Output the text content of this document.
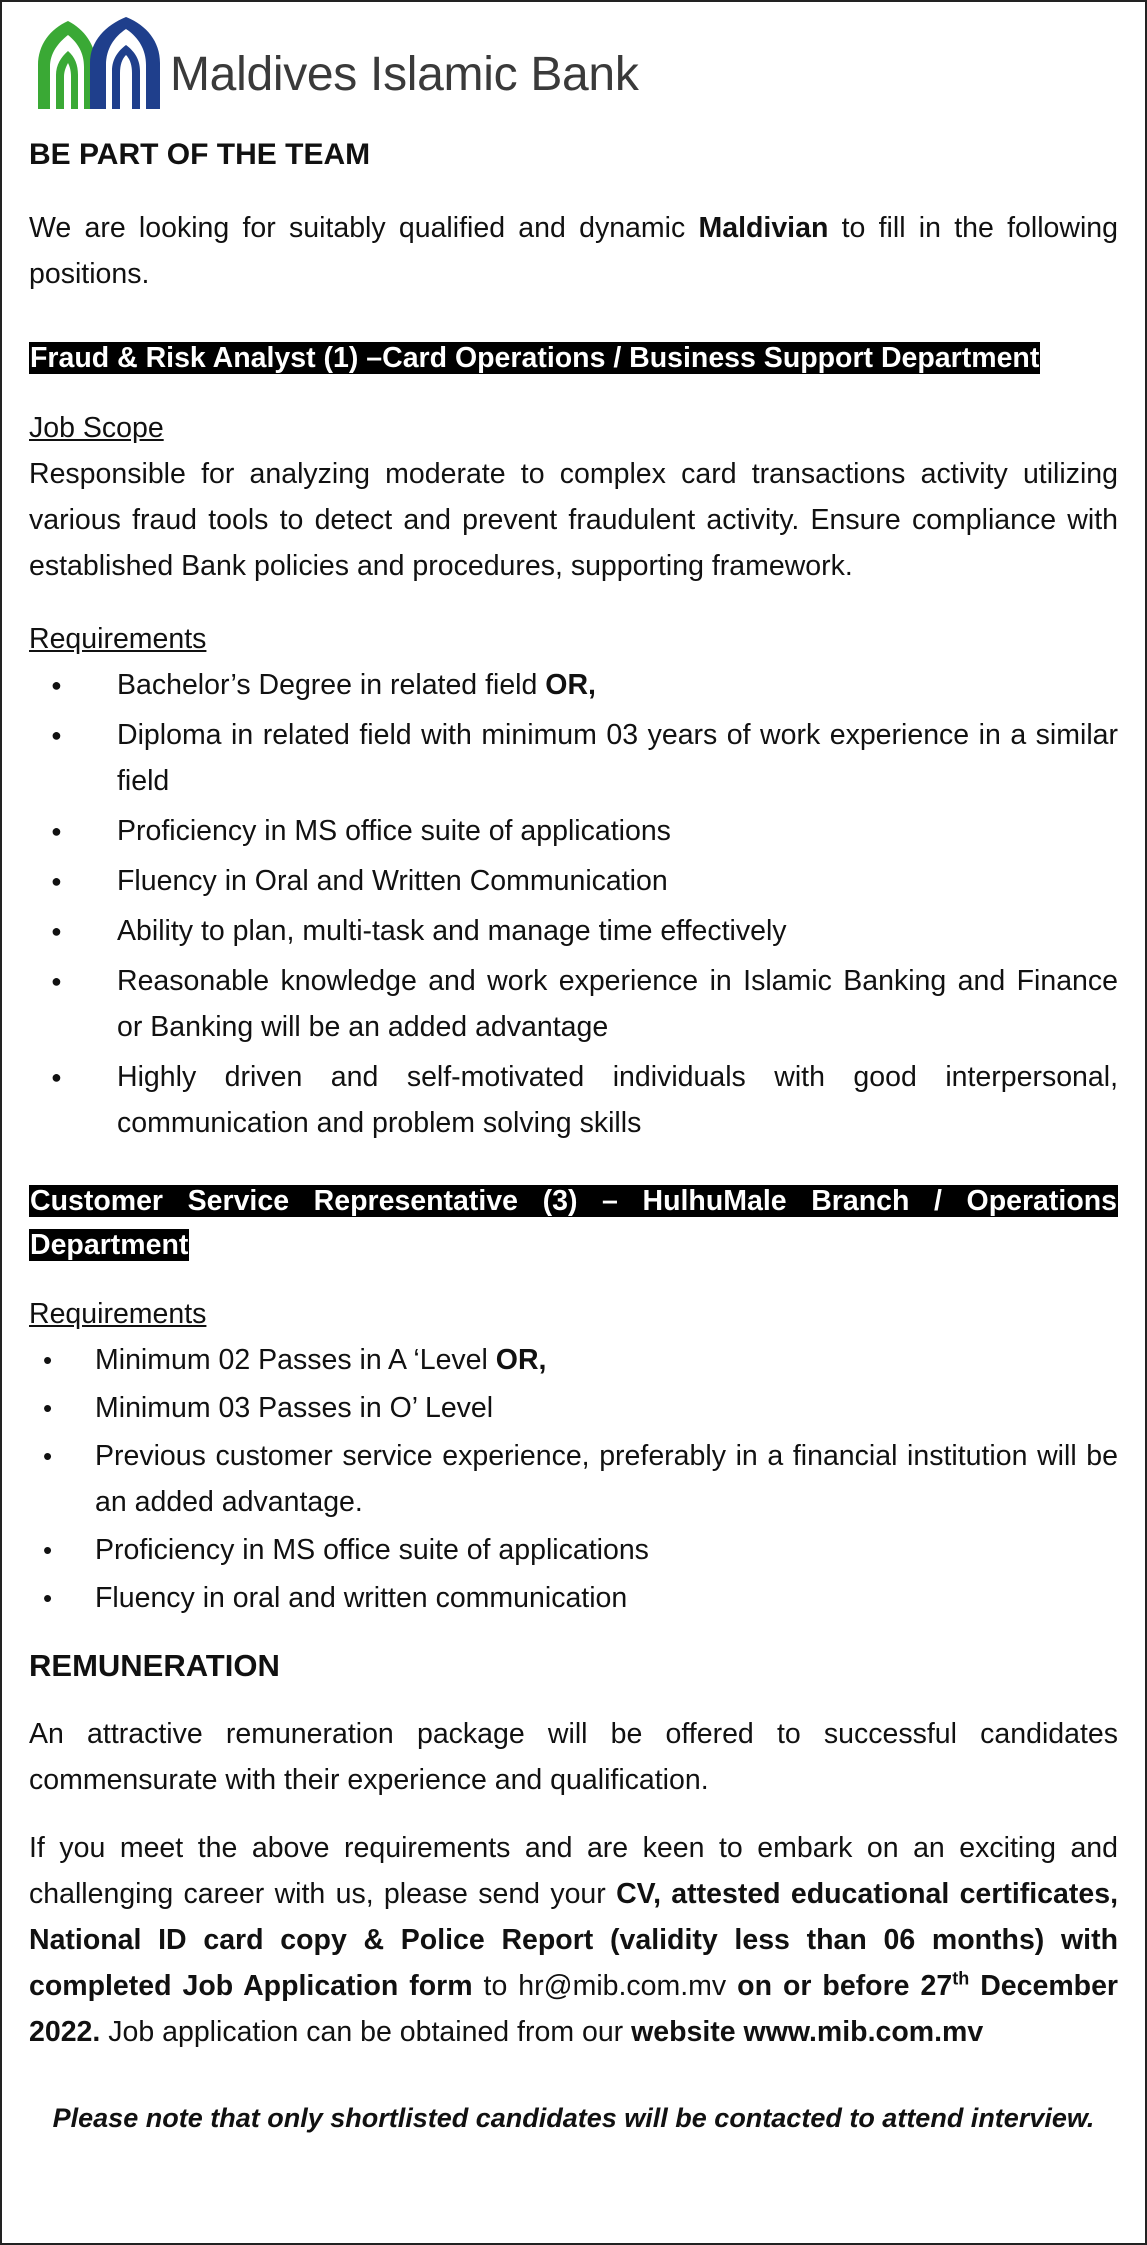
Maldives Islamic Bank
BE PART OF THE TEAM

We are looking for suitably qualified and dynamic Maldivian to fill in the following positions.

Fraud & Risk Analyst (1) –Card Operations / Business Support Department

Job Scope

Responsible for analyzing moderate to complex card transactions activity utilizing various fraud tools to detect and prevent fraudulent activity. Ensure compliance with established Bank policies and procedures, supporting framework.

Requirements

● Bachelor’s Degree in related field OR,
● Diploma in related field with minimum 03 years of work experience in a similar field
● Proficiency in MS office suite of applications
● Fluency in Oral and Written Communication
● Ability to plan, multi-task and manage time effectively
● Reasonable knowledge and work experience in Islamic Banking and Finance or Banking will be an added advantage
● Highly driven and self-motivated individuals with good interpersonal, communication and problem solving skills
Customer Service Representative (3) – HulhuMale Branch / Operations Department

Requirements

• Minimum 02 Passes in A ‘Level OR,
• Minimum 03 Passes in O’ Level
• Previous customer service experience, preferably in a financial institution will be an added advantage.
• Proficiency in MS office suite of applications
• Fluency in oral and written communication
REMUNERATION

An attractive remuneration package will be offered to successful candidates commensurate with their experience and qualification.

If you meet the above requirements and are keen to embark on an exciting and challenging career with us, please send your CV, attested educational certificates, National ID card copy & Police Report (validity less than 06 months) with completed Job Application form to hr@mib.com.mv on or before 27th December 2022. Job application can be obtained from our website www.mib.com.mv

Please note that only shortlisted candidates will be contacted to attend interview.
